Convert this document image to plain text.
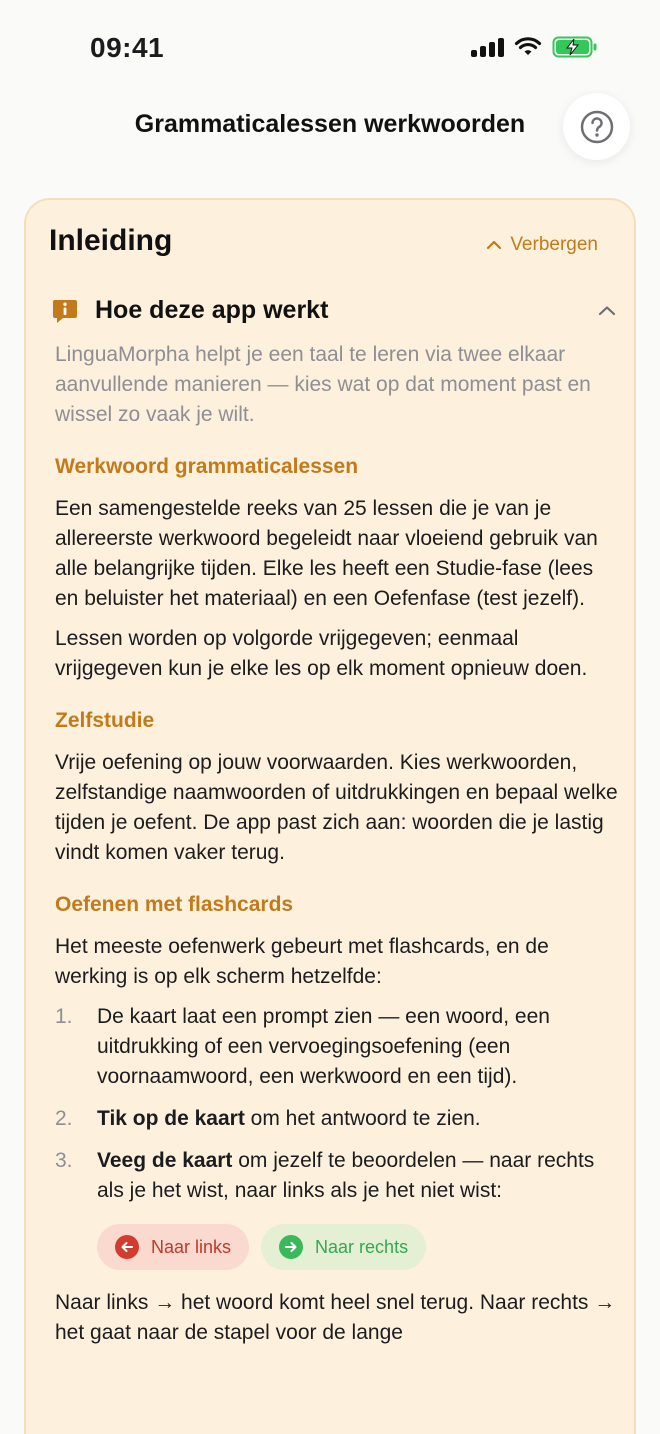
09:41
Grammaticalessen werkwoorden
Inleiding	Verbergen
Hoe deze app werkt

LinguaMorpha helpt je een taal te leren via twee elkaar aanvullende manieren — kies wat op dat moment past en wissel zo vaak je wilt.

Werkwoord grammaticalessen

Een samengestelde reeks van 25 lessen die je van je allereerste werkwoord begeleidt naar vloeiend gebruik van alle belangrijke tijden. Elke les heeft een Studie-fase (lees en beluister het materiaal) en een Oefenfase (test jezelf).

Lessen worden op volgorde vrijgegeven; eenmaal vrijgegeven kun je elke les op elk moment opnieuw doen.

Zelfstudie

Vrije oefening op jouw voorwaarden. Kies werkwoorden, zelfstandige naamwoorden of uitdrukkingen en bepaal welke tijden je oefent. De app past zich aan: woorden die je lastig vindt komen vaker terug.

Oefenen met flashcards

Het meeste oefenwerk gebeurt met flashcards, en de werking is op elk scherm hetzelfde:

1.	De kaart laat een prompt zien — een woord, een uitdrukking of een vervoegingsoefening (een voornaamwoord, een werkwoord en een tijd).
2.	Tik op de kaart om het antwoord te zien.
3.	Veeg de kaart om jezelf te beoordelen — naar rechts als je het wist, naar links als je het niet wist:
Naar links	Naar rechts

Naar links → het woord komt heel snel terug. Naar rechts → het gaat naar de stapel voor de lange
